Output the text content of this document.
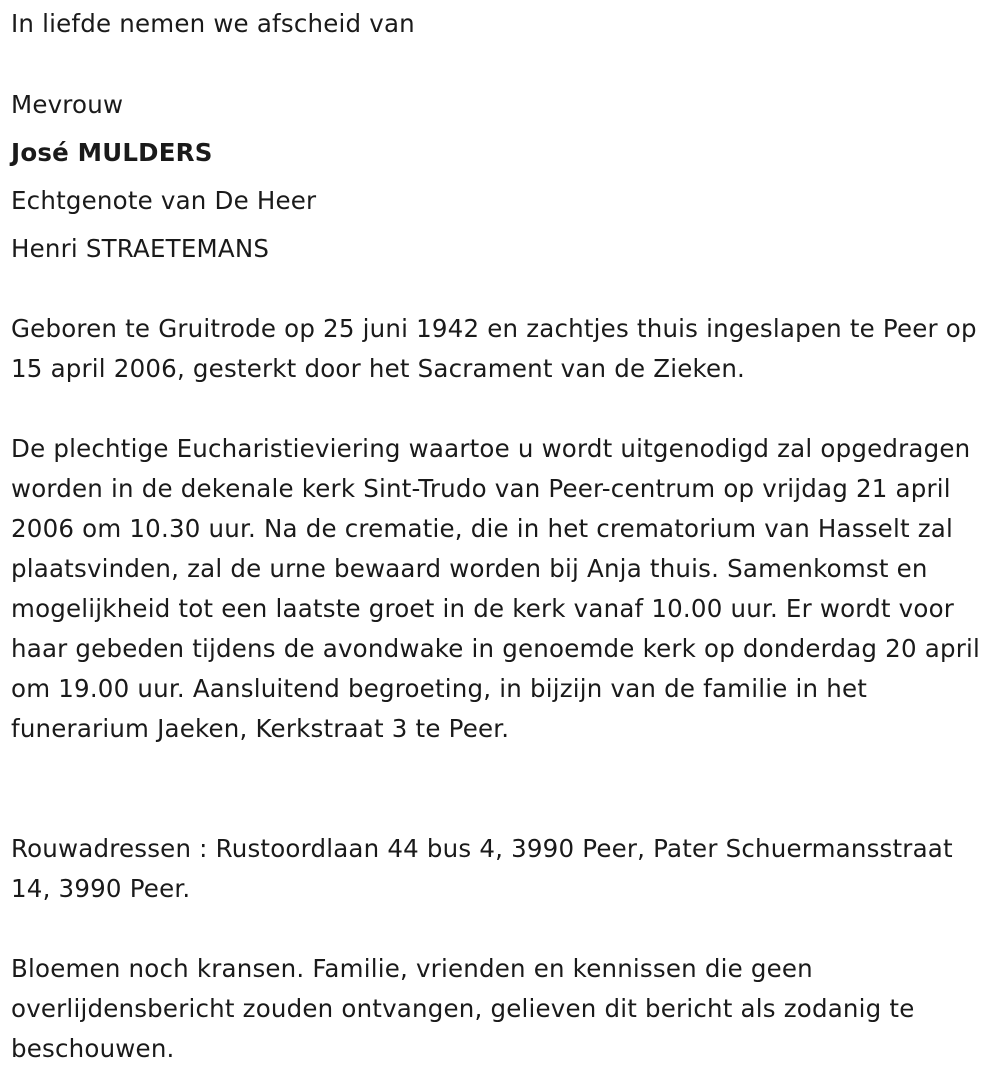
In liefde nemen we afscheid van
Mevrouw
José MULDERS
Echtgenote van De Heer
Henri STRAETEMANS

Geboren te Gruitrode op 25 juni 1942 en zachtjes thuis ingeslapen te Peer op 15 april 2006, gesterkt door het Sacrament van de Zieken.

De plechtige Eucharistieviering waartoe u wordt uitgenodigd zal opgedragen worden in de dekenale kerk Sint-Trudo van Peer-centrum op vrijdag 21 april 2006 om 10.30 uur. Na de crematie, die in het crematorium van Hasselt zal plaatsvinden, zal de urne bewaard worden bij Anja thuis. Samenkomst en mogelijkheid tot een laatste groet in de kerk vanaf 10.00 uur. Er wordt voor haar gebeden tijdens de avondwake in genoemde kerk op donderdag 20 april om 19.00 uur. Aansluitend begroeting, in bijzijn van de familie in het funerarium Jaeken, Kerkstraat 3 te Peer.

Rouwadressen : Rustoordlaan 44 bus 4, 3990 Peer, Pater Schuermansstraat 14, 3990 Peer.

Bloemen noch kransen. Familie, vrienden en kennissen die geen overlijdensbericht zouden ontvangen, gelieven dit bericht als zodanig te beschouwen.
